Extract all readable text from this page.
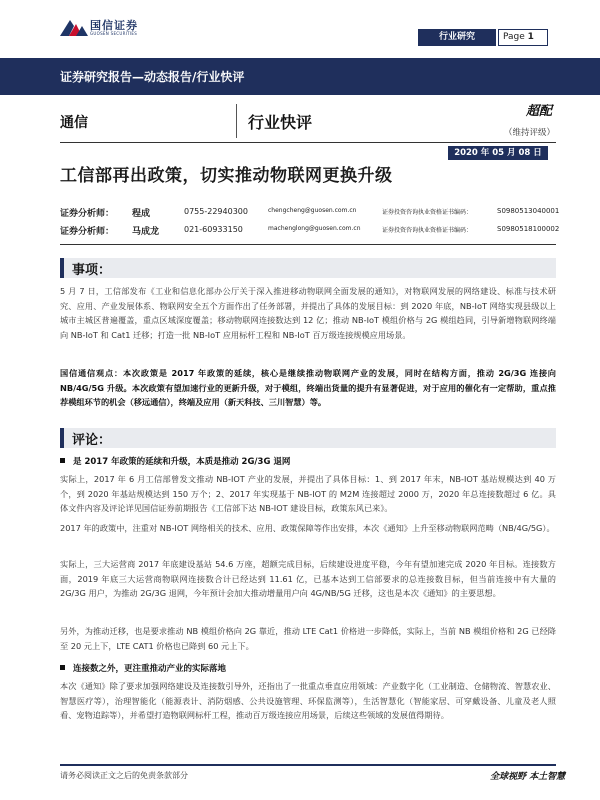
国信证券
GUOSEN SECURITIES	行业研究	Page 1
证券研究报告—动态报告/行业快评
通信	行业快评
超配
（维持评级）
2020 年 05 月 08 日
工信部再出政策，切实推动物联网更换升级
证券分析师： 程成	0755-22940300	chengcheng@guosen.com.cn	证券投资咨询执业资格证书编码：	S0980513040001
证券分析师： 马成龙	021-60933150	machenglong@guosen.com.cn	证券投资咨询执业资格证书编码：	S0980518100002
事项：

5 月 7 日，工信部发布《工业和信息化部办公厅关于深入推进移动物联网全面发展的通知》，对物联网发展的网络建设、标准与技术研究、应用、产业发展体系、物联网安全五个方面作出了任务部署，并提出了具体的发展目标：到 2020 年底，NB-IoT 网络实现县级以上城市主城区普遍覆盖，重点区域深度覆盖；移动物联网连接数达到 12 亿；推动 NB-IoT 模组价格与 2G 模组趋同，引导新增物联网终端向 NB-IoT 和 Cat1 迁移；打造一批 NB-IoT 应用标杆工程和 NB-IoT 百万级连接规模应用场景。

国信通信观点：本次政策是 2017 年政策的延续，核心是继续推动物联网产业的发展，同时在结构方面，推动 2G/3G 连接向 NB/4G/5G 升级。本次政策有望加速行业的更新升级，对于模组，终端出货量的提升有显著促进，对于应用的催化有一定帮助，重点推荐模组环节的机会（移远通信），终端及应用（新天科技、三川智慧）等。

评论：
是 2017 年政策的延续和升级，本质是推动 2G/3G 退网

实际上，2017 年 6 月工信部曾发文推动 NB-IOT 产业的发展，并提出了具体目标：1、到 2017 年末，NB-IOT 基站规模达到 40 万个，到 2020 年基站规模达到 150 万个；2、2017 年实现基于 NB-IOT 的 M2M 连接超过 2000 万，2020 年总连接数超过 6 亿。具体文件内容及评论详见国信证券前期报告《工信部下达 NB-IOT 建设目标，政策东风已来》。

2017 年的政策中，注重对 NB-IOT 网络相关的技术、应用、政策保障等作出安排，本次《通知》上升至移动物联网范畴（NB/4G/5G）。

实际上，三大运营商 2017 年底建设基站 54.6 万座，超额完成目标，后续建设进度平稳，今年有望加速完成 2020 年目标。连接数方面，2019 年底三大运营商物联网连接数合计已经达到 11.61 亿，已基本达到工信部要求的总连接数目标，但当前连接中有大量的 2G/3G 用户，为推动 2G/3G 退网，今年预计会加大推动增量用户向 4G/NB/5G 迁移，这也是本次《通知》的主要思想。

另外，为推动迁移，也是要求推动 NB 模组价格向 2G 靠近，推动 LTE Cat1 价格进一步降低，实际上，当前 NB 模组价格和 2G 已经降至 20 元上下，LTE CAT1 价格也已降到 60 元上下。

连接数之外，更注重推动产业的实际落地

本次《通知》除了要求加强网络建设及连接数引导外，还指出了一批重点垂直应用领域：产业数字化（工业制造、仓储物流、智慧农业、智慧医疗等），治理智能化（能源表计、消防烟感、公共设施管理、环保监测等），生活智慧化（智能家居、可穿戴设备、儿童及老人照看、宠物追踪等），并希望打造物联网标杆工程，推动百万级连接应用场景，后续这些领域的发展值得期待。

请务必阅读正文之后的免责条款部分	全球视野 本土智慧
